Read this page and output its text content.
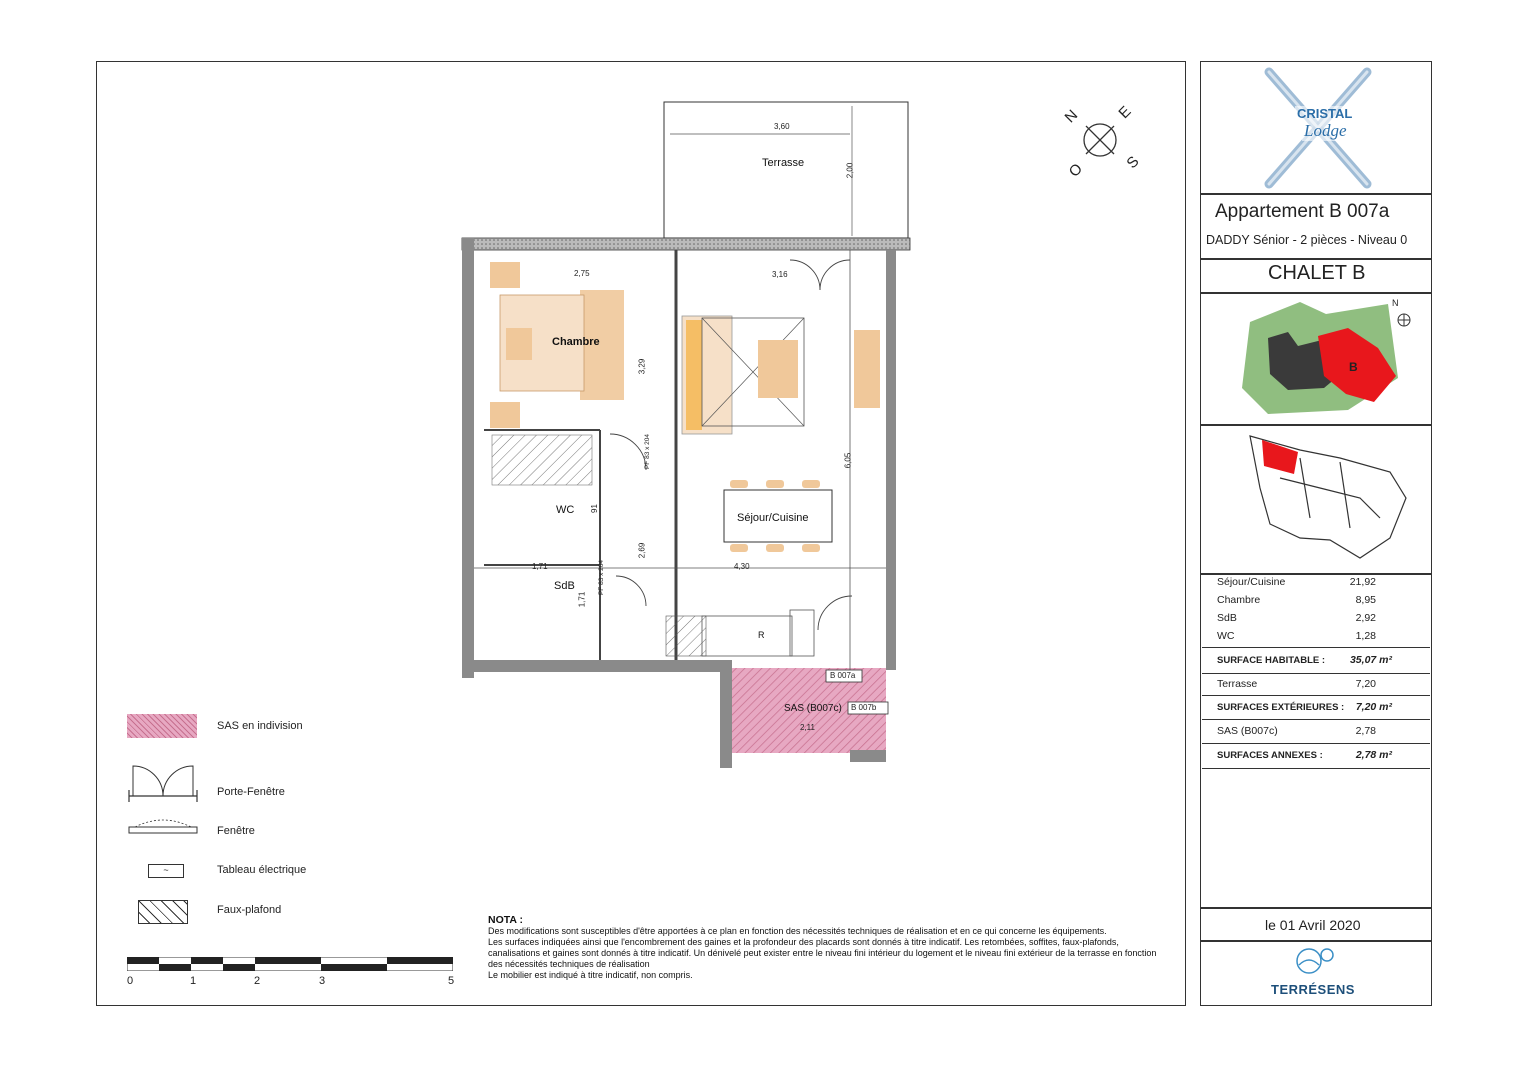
CRISTAL
Lodge
Appartement B 007a
DADDY Sénior - 2 pièces - Niveau 0
CHALET B
B
N
Séjour/Cuisine	21,92
Chambre	8,95
SdB	2,92
WC	1,28
SURFACE HABITABLE :	35,07 m²
Terrasse	7,20
SURFACES EXTÉRIEURES :	7,20 m²
SAS (B007c)	2,78
SURFACES ANNEXES :	2,78 m²
le 01 Avril 2020
TERRÉSENS
N E
S
O
Terrasse
Chambre
Séjour/Cuisine
WC
SdB
R
SAS (B007c)
B 007a
B 007b
3,60
2,00
2,75	3,16
3,29
6,05
1,71
1,71
4,30
2,69
91
2,11
PF 83 x 204
PF 83 x 204
SAS en indivision
Porte-Fenêtre
Fenêtre
~	Tableau électrique
Faux-plafond
0	1	2	3	5
NOTA :
Des modifications sont susceptibles d'être apportées à ce plan en fonction des nécessités techniques de réalisation et en ce qui concerne les équipements.
Les surfaces indiquées ainsi que l'encombrement des gaines et la profondeur des placards sont donnés à titre indicatif. Les retombées, soffites, faux-plafonds, canalisations et gaines sont donnés à titre indicatif. Un dénivelé peut exister entre le niveau fini intérieur du logement et le niveau fini extérieur de la terrasse en fonction des nécessités techniques de réalisation
Le mobilier est indiqué à titre indicatif, non compris.
